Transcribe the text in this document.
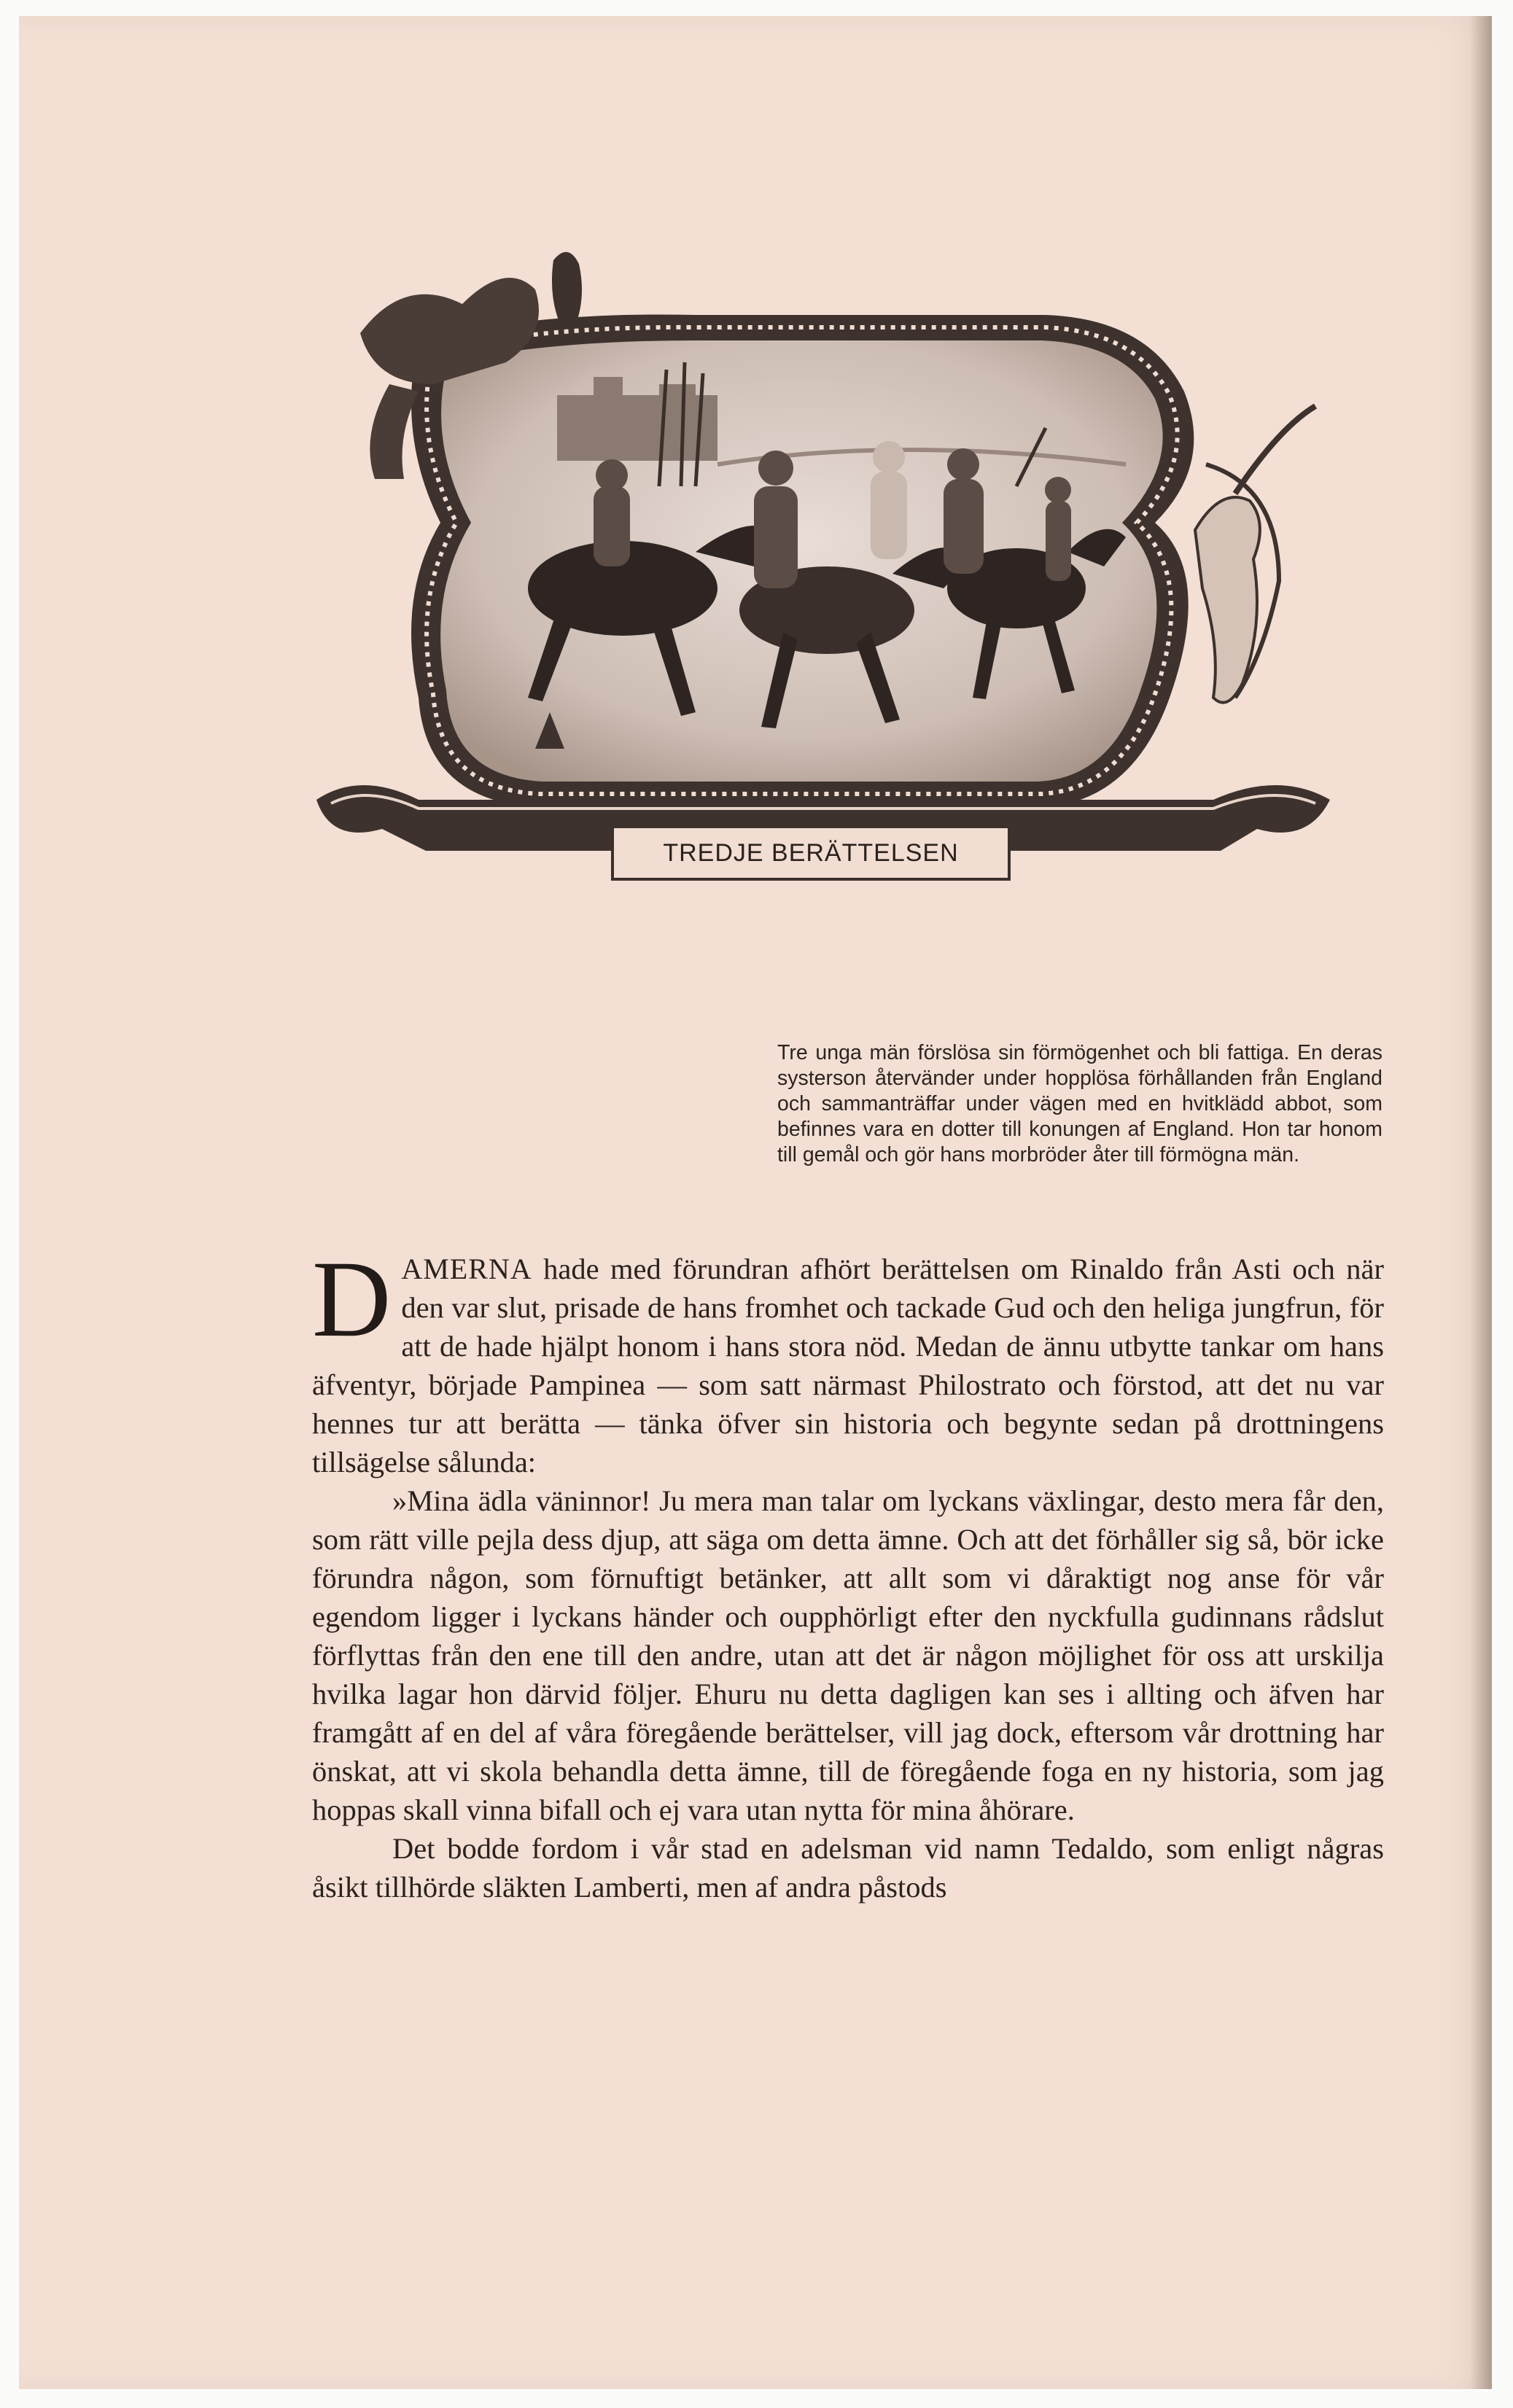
TREDJE BERÄTTELSEN
Tre unga män förslösa sin förmögenhet och bli fattiga. En deras systerson återvänder under hopplösa förhållanden från England och sammanträffar under vägen med en hvitklädd abbot, som befinnes vara en dotter till konungen af England. Hon tar honom till gemål och gör hans morbröder åter till förmögna män.

DAMERNA hade med förundran afhört berättelsen om Rinaldo från Asti och när den var slut, prisade de hans fromhet och tackade Gud och den heliga jungfrun, för att de hade hjälpt honom i hans stora nöd. Medan de ännu utbytte tankar om hans äfventyr, började Pampinea — som satt närmast Philostrato och förstod, att det nu var hennes tur att berätta — tänka öfver sin historia och begynte sedan på drottningens tillsägelse sålunda:

»Mina ädla väninnor! Ju mera man talar om lyckans växlingar, desto mera får den, som rätt ville pejla dess djup, att säga om detta ämne. Och att det förhåller sig så, bör icke förundra någon, som förnuftigt betänker, att allt som vi dåraktigt nog anse för vår egendom ligger i lyckans händer och oupphörligt efter den nyckfulla gudinnans rådslut förflyttas från den ene till den andre, utan att det är någon möjlighet för oss att urskilja hvilka lagar hon därvid följer. Ehuru nu detta dagligen kan ses i allting och äfven har framgått af en del af våra föregående berättelser, vill jag dock, eftersom vår drottning har önskat, att vi skola behandla detta ämne, till de föregående foga en ny historia, som jag hoppas skall vinna bifall och ej vara utan nytta för mina åhörare.

Det bodde fordom i vår stad en adelsman vid namn Tedaldo, som enligt någras åsikt tillhörde släkten Lamberti, men af andra påstods
